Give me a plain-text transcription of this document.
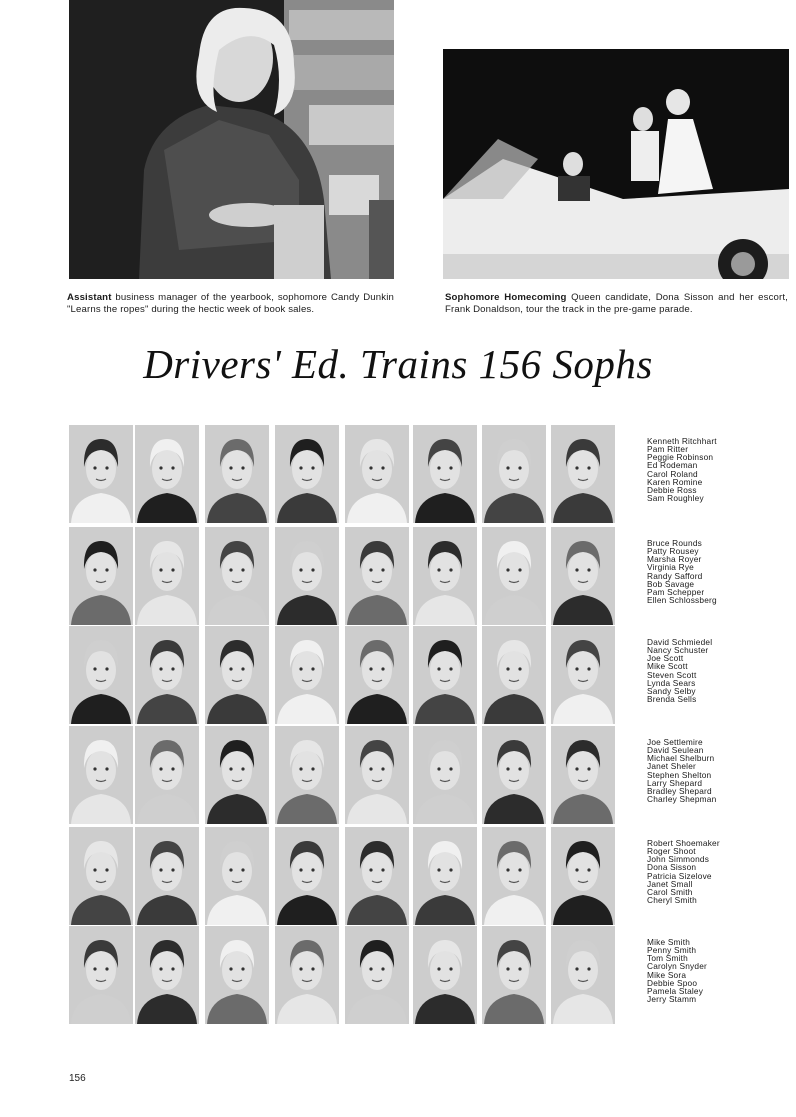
Assistant business manager of the yearbook, sophomore Candy Dunkin "Learns the ropes" during the hectic week of book sales.
Sophomore Homecoming Queen candidate, Dona Sisson and her escort, Frank Donaldson, tour the track in the pre-game parade.
Drivers' Ed. Trains 156 Sophs
Kenneth Ritchhart
Pam Ritter
Peggie Robinson
Ed Rodeman
Carol Roland
Karen Romine
Debbie Ross
Sam Roughley
Bruce Rounds
Patty Rousey
Marsha Royer
Virginia Rye
Randy Safford
Bob Savage
Pam Schepper
Ellen Schlossberg
David Schmiedel
Nancy Schuster
Joe Scott
Mike Scott
Steven Scott
Lynda Sears
Sandy Selby
Brenda Sells
Joe Settlemire
David Seulean
Michael Shelburn
Janet Sheler
Stephen Shelton
Larry Shepard
Bradley Shepard
Charley Shepman
Robert Shoemaker
Roger Shoot
John Simmonds
Dona Sisson
Patricia Sizelove
Janet Small
Carol Smith
Cheryl Smith
Mike Smith
Penny Smith
Tom Smith
Carolyn Snyder
Mike Sora
Debbie Spoo
Pamela Staley
Jerry Stamm
156
